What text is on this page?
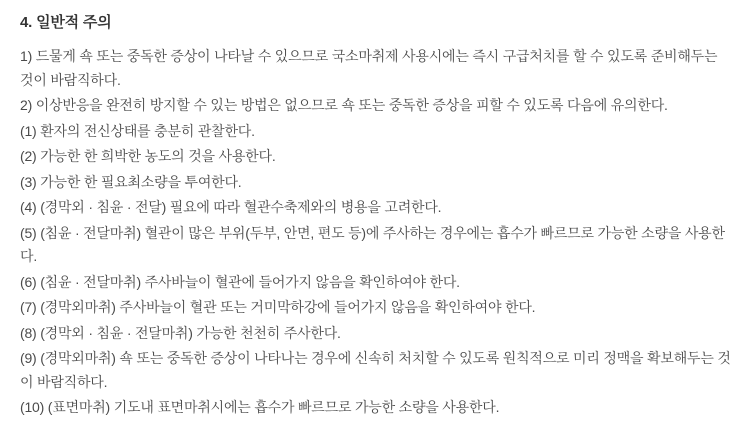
4. 일반적 주의

1) 드물게 쇽 또는 중독한 증상이 나타날 수 있으므로 국소마취제 사용시에는 즉시 구급처치를 할 수 있도록 준비해두는 것이 바람직하다.

2) 이상반응을 완전히 방지할 수 있는 방법은 없으므로 쇽 또는 중독한 증상을 피할 수 있도록 다음에 유의한다.

(1) 환자의 전신상태를 충분히 관찰한다.

(2) 가능한 한 희박한 농도의 것을 사용한다.

(3) 가능한 한 필요최소량을 투여한다.

(4) (경막외 · 침윤 · 전달) 필요에 따라 혈관수축제와의 병용을 고려한다.

(5) (침윤 · 전달마취) 혈관이 많은 부위(두부, 안면, 편도 등)에 주사하는 경우에는 흡수가 빠르므로 가능한 소량을 사용한다.

(6) (침윤 · 전달마취) 주사바늘이 혈관에 들어가지 않음을 확인하여야 한다.

(7) (경막외마취) 주사바늘이 혈관 또는 거미막하강에 들어가지 않음을 확인하여야 한다.

(8) (경막외 · 침윤 · 전달마취) 가능한 천천히 주사한다.

(9) (경막외마취) 쇽 또는 중독한 증상이 나타나는 경우에 신속히 처치할 수 있도록 원칙적으로 미리 정맥을 확보해두는 것이 바람직하다.

(10) (표면마취) 기도내 표면마취시에는 흡수가 빠르므로 가능한 소량을 사용한다.
